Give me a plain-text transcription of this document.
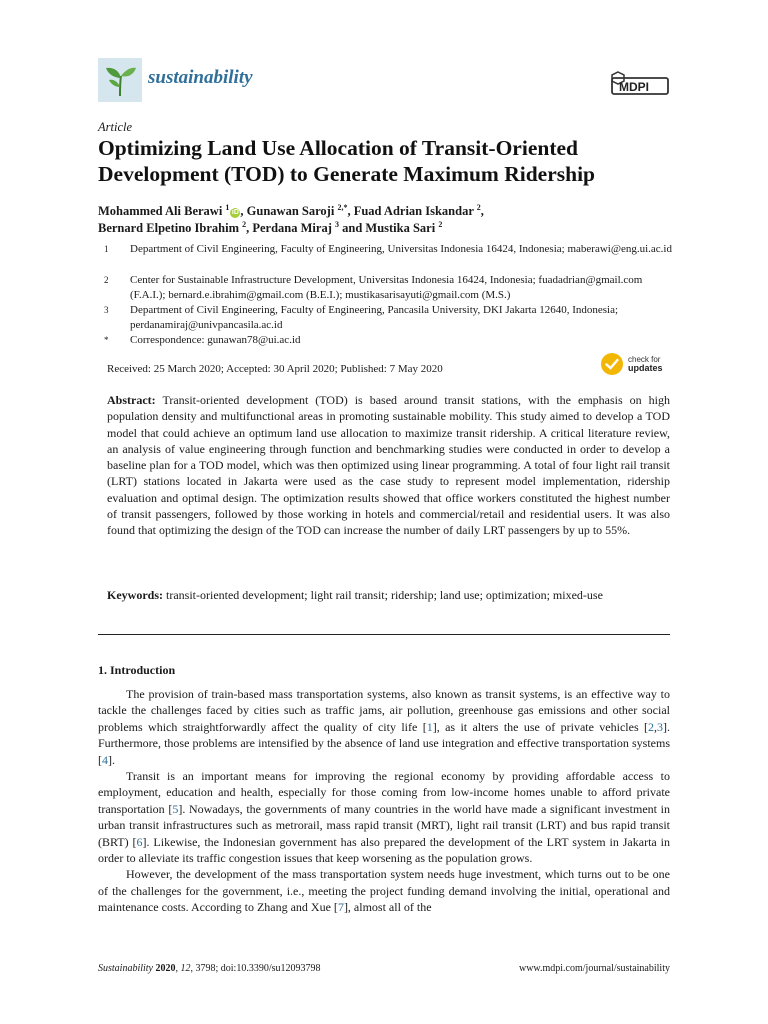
sustainability	MDPI
Article
Optimizing Land Use Allocation of Transit-Oriented Development (TOD) to Generate Maximum Ridership
Mohammed Ali Berawi $^1$iD , Gunawan Saroji $^{2,*}$, Fuad Adrian Iskandar $^2$,
Bernard Elpetino Ibrahim $^2$, Perdana Miraj $^3$ and Mustika Sari $^2$
1	Department of Civil Engineering, Faculty of Engineering, Universitas Indonesia 16424, Indonesia; maberawi@eng.ui.ac.id
2	Center for Sustainable Infrastructure Development, Universitas Indonesia 16424, Indonesia; fuadadrian@gmail.com (F.A.I.); bernard.e.ibrahim@gmail.com (B.E.I.); mustikasarisayuti@gmail.com (M.S.)
3	Department of Civil Engineering, Faculty of Engineering, Pancasila University, DKI Jakarta 12640, Indonesia; perdanamiraj@univpancasila.ac.id
*	Correspondence: gunawan78@ui.ac.id
Received: 25 March 2020; Accepted: 30 April 2020; Published: 7 May 2020
check for
updates
Abstract: Transit-oriented development (TOD) is based around transit stations, with the emphasis on high population density and multifunctional areas in promoting sustainable mobility. This study aimed to develop a TOD model that could achieve an optimum land use allocation to maximize transit ridership. A critical literature review, an analysis of value engineering through function and benchmarking studies were conducted in order to develop a baseline plan for a TOD model, which was then optimized using linear programming. A total of four light rail transit (LRT) stations located in Jakarta were used as the case study to represent model implementation, ridership evaluation and optimal design. The optimization results showed that office workers constituted the highest number of transit passengers, followed by those working in hotels and commercial/retail and residential users. It was also found that optimizing the design of the TOD can increase the number of daily LRT passengers by up to 55%.
Keywords: transit-oriented development; light rail transit; ridership; land use; optimization; mixed-use
1. Introduction

The provision of train-based mass transportation systems, also known as transit systems, is an effective way to tackle the challenges faced by cities such as traffic jams, air pollution, greenhouse gas emissions and other social problems which straightforwardly affect the quality of city life [1], as it alters the use of private vehicles [2,3]. Furthermore, those problems are intensified by the absence of land use integration and effective transportation systems [4].

Transit is an important means for improving the regional economy by providing affordable access to employment, education and health, especially for those coming from low-income homes unable to afford private transportation [5]. Nowadays, the governments of many countries in the world have made a significant investment in urban transit infrastructures such as metrorail, mass rapid transit (MRT), light rail transit (LRT) and bus rapid transit (BRT) [6]. Likewise, the Indonesian government has also prepared the development of the LRT system in Jakarta in order to alleviate its traffic congestion issues that keep worsening as the population grows.

However, the development of the mass transportation system needs huge investment, which turns out to be one of the challenges for the government, i.e., meeting the project funding demand involving the initial, operational and maintenance costs. According to Zhang and Xue [7], almost all of the

Sustainability 2020, 12, 3798; doi:10.3390/su12093798	www.mdpi.com/journal/sustainability
